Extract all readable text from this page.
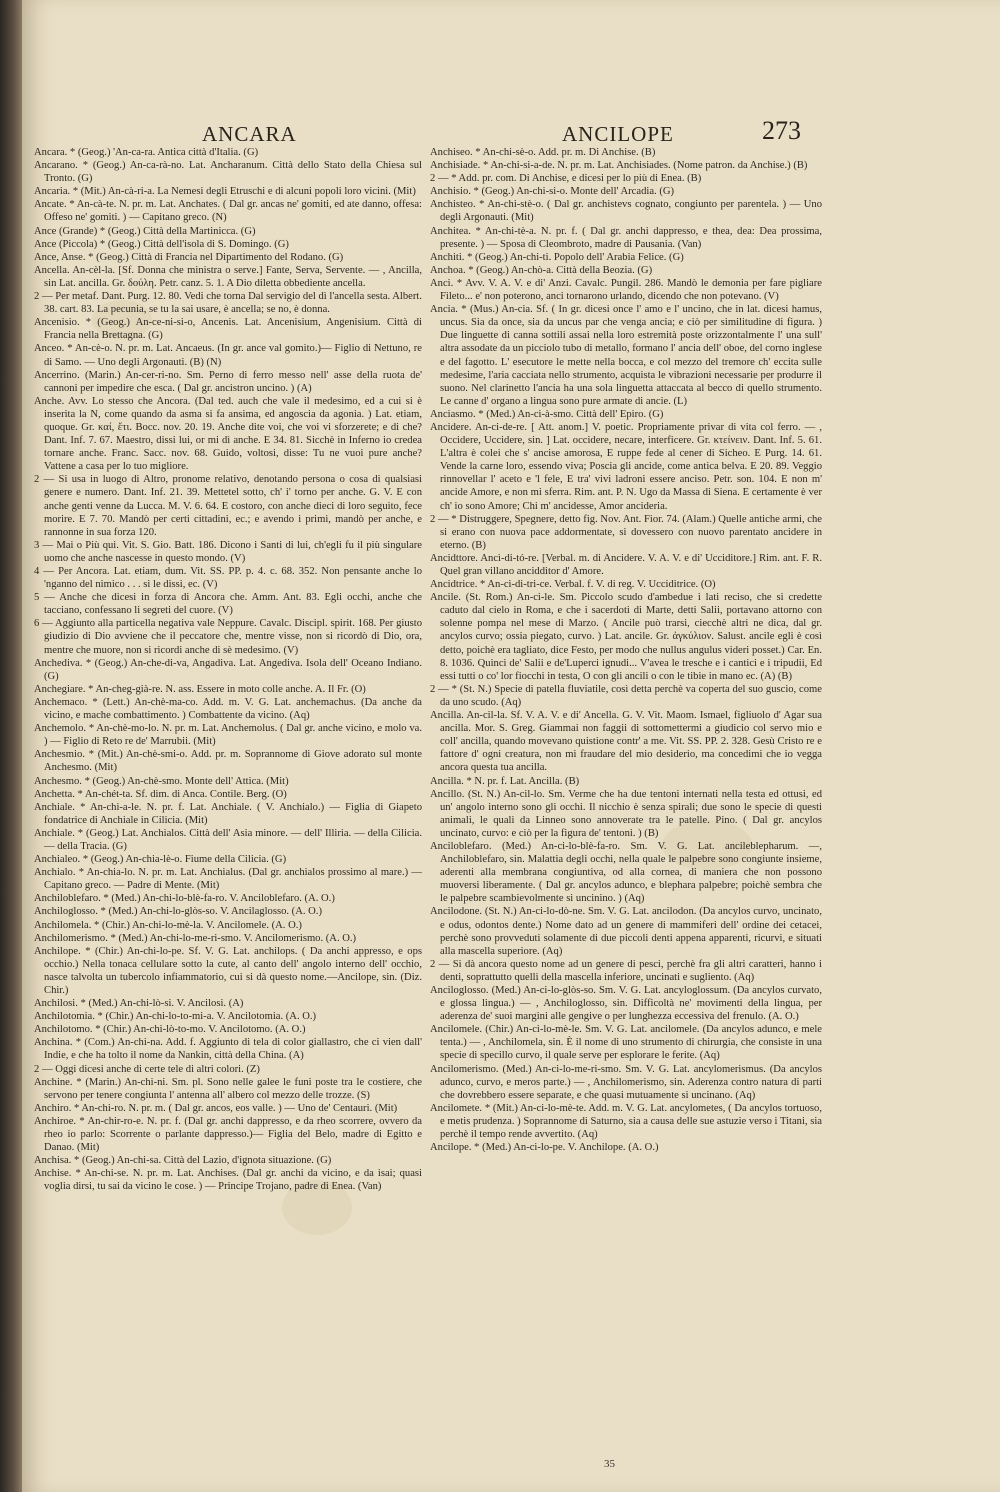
ANCARA	ANCILOPE	273

Ancara. * (Geog.) 'An-ca-ra. Antica città d'Italia. (G)

Ancarano. * (Geog.) An-ca-rà-no. Lat. Ancharanum. Città dello Stato della Chiesa sul Tronto. (G)

Ancaria. * (Mit.) An-cà-ri-a. La Nemesi degli Etruschi e di alcuni popoli loro vicini. (Mit)

Ancate. * An-cà-te. N. pr. m. Lat. Anchates. ( Dal gr. ancas ne' gomiti, ed ate danno, offesa: Offeso ne' gomiti. ) — Capitano greco. (N)

Ance (Grande) * (Geog.) Città della Martinicca. (G)

Ance (Piccola) * (Geog.) Città dell'isola di S. Domingo. (G)

Ance, Anse. * (Geog.) Città di Francia nel Dipartimento del Rodano. (G)

Ancella. An-cèl-la. [Sf. Donna che ministra o serve.] Fante, Serva, Servente. — , Ancilla, sin Lat. ancilla. Gr. δούλη. Petr. canz. 5. 1. A Dio diletta obbediente ancella.

2 — Per metaf. Dant. Purg. 12. 80. Vedi che torna Dal servigio del dì l'ancella sesta. Albert. 38. cart. 83. La pecunia, se tu la sai usare, è ancella; se no, è donna.

Ancenisio. * (Geog.) An-ce-ni-si-o, Ancenis. Lat. Ancenisium, Angenisium. Città di Francia nella Brettagna. (G)

Anceo. * An-cè-o. N. pr. m. Lat. Ancaeus. (In gr. ance val gomito.)— Figlio di Nettuno, re di Samo. — Uno degli Argonauti. (B) (N)

Ancerrino. (Marin.) An-cer-ri-no. Sm. Perno di ferro messo nell' asse della ruota de' cannoni per impedire che esca. ( Dal gr. ancistron uncino. ) (A)

Anche. Avv. Lo stesso che Ancora. (Dal ted. auch che vale il medesimo, ed a cui si è inserita la N, come quando da asma si fa ansima, ed angoscia da agonia. ) Lat. etiam, quoque. Gr. καί, ἔτι. Bocc. nov. 20. 19. Anche dite voi, che voi vi sforzerete; e di che? Dant. Inf. 7. 67. Maestro, dissi lui, or mi dì anche. E 34. 81. Sicchè in Inferno io credea tornare anche. Franc. Sacc. nov. 68. Guido, voltosi, disse: Tu ne vuoi pure anche? Vattene a casa per lo tuo migliore.

2 — Si usa in luogo di Altro, pronome relativo, denotando persona o cosa di qualsiasi genere e numero. Dant. Inf. 21. 39. Mettetel sotto, ch' i' torno per anche. G. V. E con anche genti venne da Lucca. M. V. 6. 64. E costoro, con anche dieci di loro seguito, fece morire. E 7. 70. Mandò per certi cittadini, ec.; e avendo i primi, mandò per anche, e rannonne in sua forza 120.

3 — Mai o Più qui. Vit. S. Gio. Batt. 186. Dicono i Santi di lui, ch'egli fu il più singulare uomo che anche nascesse in questo mondo. (V)

4 — Per Ancora. Lat. etiam, dum. Vit. SS. PP. p. 4. c. 68. 352. Non pensante anche lo 'nganno del nimico . . . si le dissi, ec. (V)

5 — Anche che dicesi in forza di Ancora che. Amm. Ant. 83. Egli occhi, anche che tacciano, confessano li segreti del cuore. (V)

6 — Aggiunto alla particella negativa vale Neppure. Cavalc. Discipl. spirit. 168. Per giusto giudizio di Dio avviene che il peccatore che, mentre visse, non si ricordò di Dio, ora, mentre che muore, non si ricordi anche di sè medesimo. (V)

Anchediva. * (Geog.) An-che-di-va, Angadiva. Lat. Angediva. Isola dell' Oceano Indiano. (G)

Anchegiare. * An-cheg-già-re. N. ass. Essere in moto colle anche. A. Il Fr. (O)

Anchemaco. * (Lett.) An-chè-ma-co. Add. m. V. G. Lat. anchemachus. (Da anche da vicino, e mache combattimento. ) Combattente da vicino. (Aq)

Anchemolo. * An-chè-mo-lo. N. pr. m. Lat. Anchemolus. ( Dal gr. anche vicino, e molo va. ) — Figlio di Reto re de' Marrubii. (Mit)

Anchesmio. * (Mit.) An-chè-smi-o. Add. pr. m. Soprannome di Giove adorato sul monte Anchesmo. (Mit)

Anchesmo. * (Geog.) An-chè-smo. Monte dell' Attica. (Mit)

Anchetta. * An-chét-ta. Sf. dim. di Anca. Contile. Berg. (O)

Anchiale. * An-chi-a-le. N. pr. f. Lat. Anchiale. ( V. Anchialo.) — Figlia di Giapeto fondatrice di Anchiale in Cilicia. (Mit)

Anchiale. * (Geog.) Lat. Anchialos. Città dell' Asia minore. — dell' Illiria. — della Cilicia. — della Tracia. (G)

Anchialeo. * (Geog.) An-chia-lè-o. Fiume della Cilicia. (G)

Anchialo. * An-chia-lo. N. pr. m. Lat. Anchialus. (Dal gr. anchialos prossimo al mare.) — Capitano greco. — Padre di Mente. (Mit)

Anchiloblefaro. * (Med.) An-chi-lo-blè-fa-ro. V. Anciloblefaro. (A. O.)

Anchiloglosso. * (Med.) An-chi-lo-glòs-so. V. Ancilaglosso. (A. O.)

Anchilomela. * (Chir.) An-chi-lo-mè-la. V. Ancilomele. (A. O.)

Anchilomerismo. * (Med.) An-chi-lo-me-ri-smo. V. Ancilomerismo. (A. O.)

Anchilope. * (Chir.) An-chi-lo-pe. Sf. V. G. Lat. anchilops. ( Da anchi appresso, e ops occhio.) Nella tonaca cellulare sotto la cute, al canto dell' angolo interno dell' occhio, nasce talvolta un tubercolo infiammatorio, cui si dà questo nome.—Ancilope, sin. (Diz. Chir.)

Anchilosi. * (Med.) An-chi-lò-si. V. Ancilosi. (A)

Anchilotomia. * (Chir.) An-chi-lo-to-mi-a. V. Ancilotomia. (A. O.)

Anchilotomo. * (Chir.) An-chi-lò-to-mo. V. Ancilotomo. (A. O.)

Anchina. * (Com.) An-chi-na. Add. f. Aggiunto di tela di color giallastro, che ci vien dall' Indie, e che ha tolto il nome da Nankin, città della China. (A)

2 — Oggi dicesi anche di certe tele di altri colori. (Z)

Anchine. * (Marin.) An-chi-ni. Sm. pl. Sono nelle galee le funi poste tra le costiere, che servono per tenere congiunta l' antenna all' albero col mezzo delle trozze. (S)

Anchiro. * An-chi-ro. N. pr. m. ( Dal gr. ancos, eos valle. ) — Uno de' Centauri. (Mit)

Anchiroe. * An-chir-ro-e. N. pr. f. (Dal gr. anchi dappresso, e da rheo scorrere, ovvero da rheo io parlo: Scorrente o parlante dappresso.)— Figlia del Belo, madre di Egitto e Danao. (Mit)

Anchisa. * (Geog.) An-chi-sa. Città del Lazio, d'ignota situazione. (G)

Anchise. * An-chi-se. N. pr. m. Lat. Anchises. (Dal gr. anchi da vicino, e da isai; quasi voglia dirsi, tu sai da vicino le cose. ) — Principe Trojano, padre di Enea. (Van)

Anchiseo. * An-chi-sè-o. Add. pr. m. Di Anchise. (B)

Anchisiade. * An-chi-si-a-de. N. pr. m. Lat. Anchisiades. (Nome patron. da Anchise.) (B)

2 — * Add. pr. com. Di Anchise, e dicesi per lo più di Enea. (B)

Anchisio. * (Geog.) An-chi-si-o. Monte dell' Arcadia. (G)

Anchisteo. * An-chi-stè-o. ( Dal gr. anchistevs cognato, congiunto per parentela. ) — Uno degli Argonauti. (Mit)

Anchitea. * An-chi-tè-a. N. pr. f. ( Dal gr. anchi dappresso, e thea, dea: Dea prossima, presente. ) — Sposa di Cleombroto, madre di Pausania. (Van)

Anchiti. * (Geog.) An-chi-ti. Popolo dell' Arabia Felice. (G)

Anchoa. * (Geog.) An-chò-a. Città della Beozia. (G)

Anci. * Avv. V. A. V. e di' Anzi. Cavalc. Pungil. 286. Mandò le demonia per fare pigliare Fileto... e' non poterono, anci tornarono urlando, dicendo che non potevano. (V)

Ancia. * (Mus.) An-cia. Sf. ( In gr. dicesi once l' amo e l' uncino, che in lat. dicesi hamus, uncus. Sia da once, sia da uncus par che venga ancia; e ciò per similitudine di figura. ) Due linguette di canna sottili assai nella loro estremità poste orizzontalmente l' una sull' altra assodate da un picciolo tubo di metallo, formano l' ancia dell' oboe, del corno inglese e del fagotto. L' esecutore le mette nella bocca, e col mezzo del tremore ch' eccita sulle medesime, l'aria cacciata nello strumento, acquista le vibrazioni necessarie per produrre il suono. Nel clarinetto l'ancia ha una sola linguetta attaccata al becco di quello strumento. Le canne d' organo a lingua sono pure armate di ancie. (L)

Anciasmo. * (Med.) An-ci-à-smo. Città dell' Epiro. (G)

Ancidere. An-ci-de-re. [ Att. anom.] V. poetic. Propriamente privar di vita col ferro. — , Occidere, Uccidere, sin. ] Lat. occidere, necare, interficere. Gr. κτείνειν. Dant. Inf. 5. 61. L'altra è colei che s' ancise amorosa, E ruppe fede al cener di Sicheo. E Purg. 14. 61. Vende la carne loro, essendo viva; Poscia gli ancide, come antica belva. E 20. 89. Veggio rinnovellar l' aceto e 'l fele, E tra' vivi ladroni essere anciso. Petr. son. 104. E non m' ancide Amore, e non mi sferra. Rim. ant. P. N. Ugo da Massa di Siena. E certamente è ver ch' io sono Amore; Chi m' ancidesse, Amor ancideria.

2 — * Distruggere, Spegnere, detto fig. Nov. Ant. Fior. 74. (Alam.) Quelle antiche armi, che si erano con nuova pace addormentate, si dovessero con nuovo parentato ancidere in eterno. (B)

Ancidttore. Ancì-di-tó-re. [Verbal. m. di Ancidere. V. A. V. e di' Ucciditore.] Rim. ant. F. R. Quel gran villano ancidditor d' Amore.

Ancidtrice. * An-ci-di-tri-ce. Verbal. f. V. di reg. V. Ucciditrice. (O)

Ancile. (St. Rom.) An-ci-le. Sm. Piccolo scudo d'ambedue i lati reciso, che si credette caduto dal cielo in Roma, e che i sacerdoti di Marte, detti Salii, portavano attorno con solenne pompa nel mese di Marzo. ( Ancile può trarsi, ciecchè altri ne dica, dal gr. ancylos curvo; ossia piegato, curvo. ) Lat. ancile. Gr. ἀγκύλιον. Salust. ancile egli è così detto, poichè era tagliato, dice Festo, per modo che nullus angulus videri posset.) Car. En. 8. 1036. Quinci de' Salii e de'Luperci ignudi... V'avea le tresche e i cantici e i tripudii, Ed essi tutti o co' lor fiocchi in testa, O con gli ancili o con le tibie in mano ec. (A) (B)

2 — * (St. N.) Specie di patella fluviatile, così detta perchè va coperta del suo guscio, come da uno scudo. (Aq)

Ancilla. An-cil-la. Sf. V. A. V. e di' Ancella. G. V. Vit. Maom. Ismael, figliuolo d' Agar sua ancilla. Mor. S. Greg. Giammai non faggii di sottomettermi a giudicio col servo mio e coll' ancilla, quando movevano quistione contr' a me. Vit. SS. PP. 2. 328. Gesù Cristo re e fattore d' ogni creatura, non mi fraudare del mio desiderio, ma concedimi che io vegga ancora questa tua ancilla.

Ancilla. * N. pr. f. Lat. Ancilla. (B)

Ancillo. (St. N.) An-cil-lo. Sm. Verme che ha due tentoni internati nella testa ed ottusi, ed un' angolo interno sono gli occhi. Il nicchio è senza spirali; due sono le specie di questi animali, le quali da Linneo sono annoverate tra le patelle. Pino. ( Dal gr. ancylos uncinato, curvo: e ciò per la figura de' tentoni. ) (B)

Anciloblefaro. (Med.) An-ci-lo-blè-fa-ro. Sm. V. G. Lat. ancileblepharum. —, Anchiloblefaro, sin. Malattia degli occhi, nella quale le palpebre sono congiunte insieme, aderenti alla membrana congiuntiva, od alla cornea, di maniera che non possono muoversi liberamente. ( Dal gr. ancylos adunco, e blephara palpebre; poichè sembra che le palpebre scambievolmente si uncinino. ) (Aq)

Ancilodone. (St. N.) An-ci-lo-dò-ne. Sm. V. G. Lat. ancilodon. (Da ancylos curvo, uncinato, e odus, odontos dente.) Nome dato ad un genere di mammiferi dell' ordine dei cetacei, perchè sono provveduti solamente di due piccoli denti appena apparenti, ricurvi, e situati alla mascella superiore. (Aq)

2 — Si dà ancora questo nome ad un genere di pesci, perchè fra gli altri caratteri, hanno i denti, soprattutto quelli della mascella inferiore, uncinati e sugliento. (Aq)

Anciloglosso. (Med.) An-ci-lo-glòs-so. Sm. V. G. Lat. ancyloglossum. (Da ancylos curvato, e glossa lingua.) — , Anchiloglosso, sin. Difficoltà ne' movimenti della lingua, per aderenza de' suoi margini alle gengive o per lunghezza eccessiva del frenulo. (A. O.)

Ancilomele. (Chir.) An-ci-lo-mè-le. Sm. V. G. Lat. ancilomele. (Da ancylos adunco, e mele tenta.) — , Anchilomela, sin. È il nome di uno strumento di chirurgia, che consiste in una specie di specillo curvo, il quale serve per esplorare le ferite. (Aq)

Ancilomerismo. (Med.) An-ci-lo-me-ri-smo. Sm. V. G. Lat. ancylomerismus. (Da ancylos adunco, curvo, e meros parte.) — , Anchilomerismo, sin. Aderenza contro natura di parti che dovrebbero essere separate, e che quasi mutuamente si uncinano. (Aq)

Ancilomete. * (Mit.) An-ci-lo-mè-te. Add. m. V. G. Lat. ancylometes, ( Da ancylos tortuoso, e metis prudenza. ) Soprannome di Saturno, sia a causa delle sue astuzie verso i Titani, sia perchè il tempo rende avvertito. (Aq)

Ancilope. * (Med.) An-ci-lo-pe. V. Anchilope. (A. O.)

35
